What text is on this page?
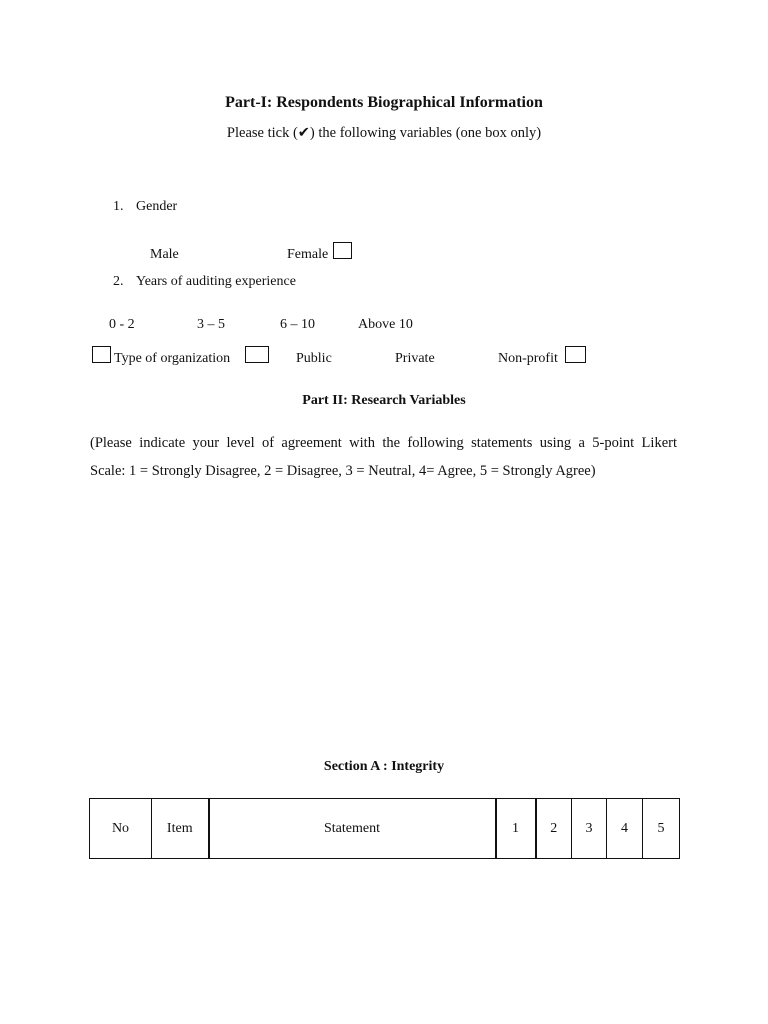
Part-I: Respondents Biographical Information
Please tick (✔) the following variables (one box only)
1. Gender
Male	Female
2. Years of auditing experience
0 - 2	3 – 5	6 – 10	Above 10
Type of organization	Public	Private	Non-profit
Part II: Research Variables
(Please indicate your level of agreement with the following statements using a 5-point Likert
Scale: 1 = Strongly Disagree, 2 = Disagree, 3 = Neutral, 4= Agree, 5 = Strongly Agree)
Section A : Integrity
No	Item	Statement	1	2	3	4	5
